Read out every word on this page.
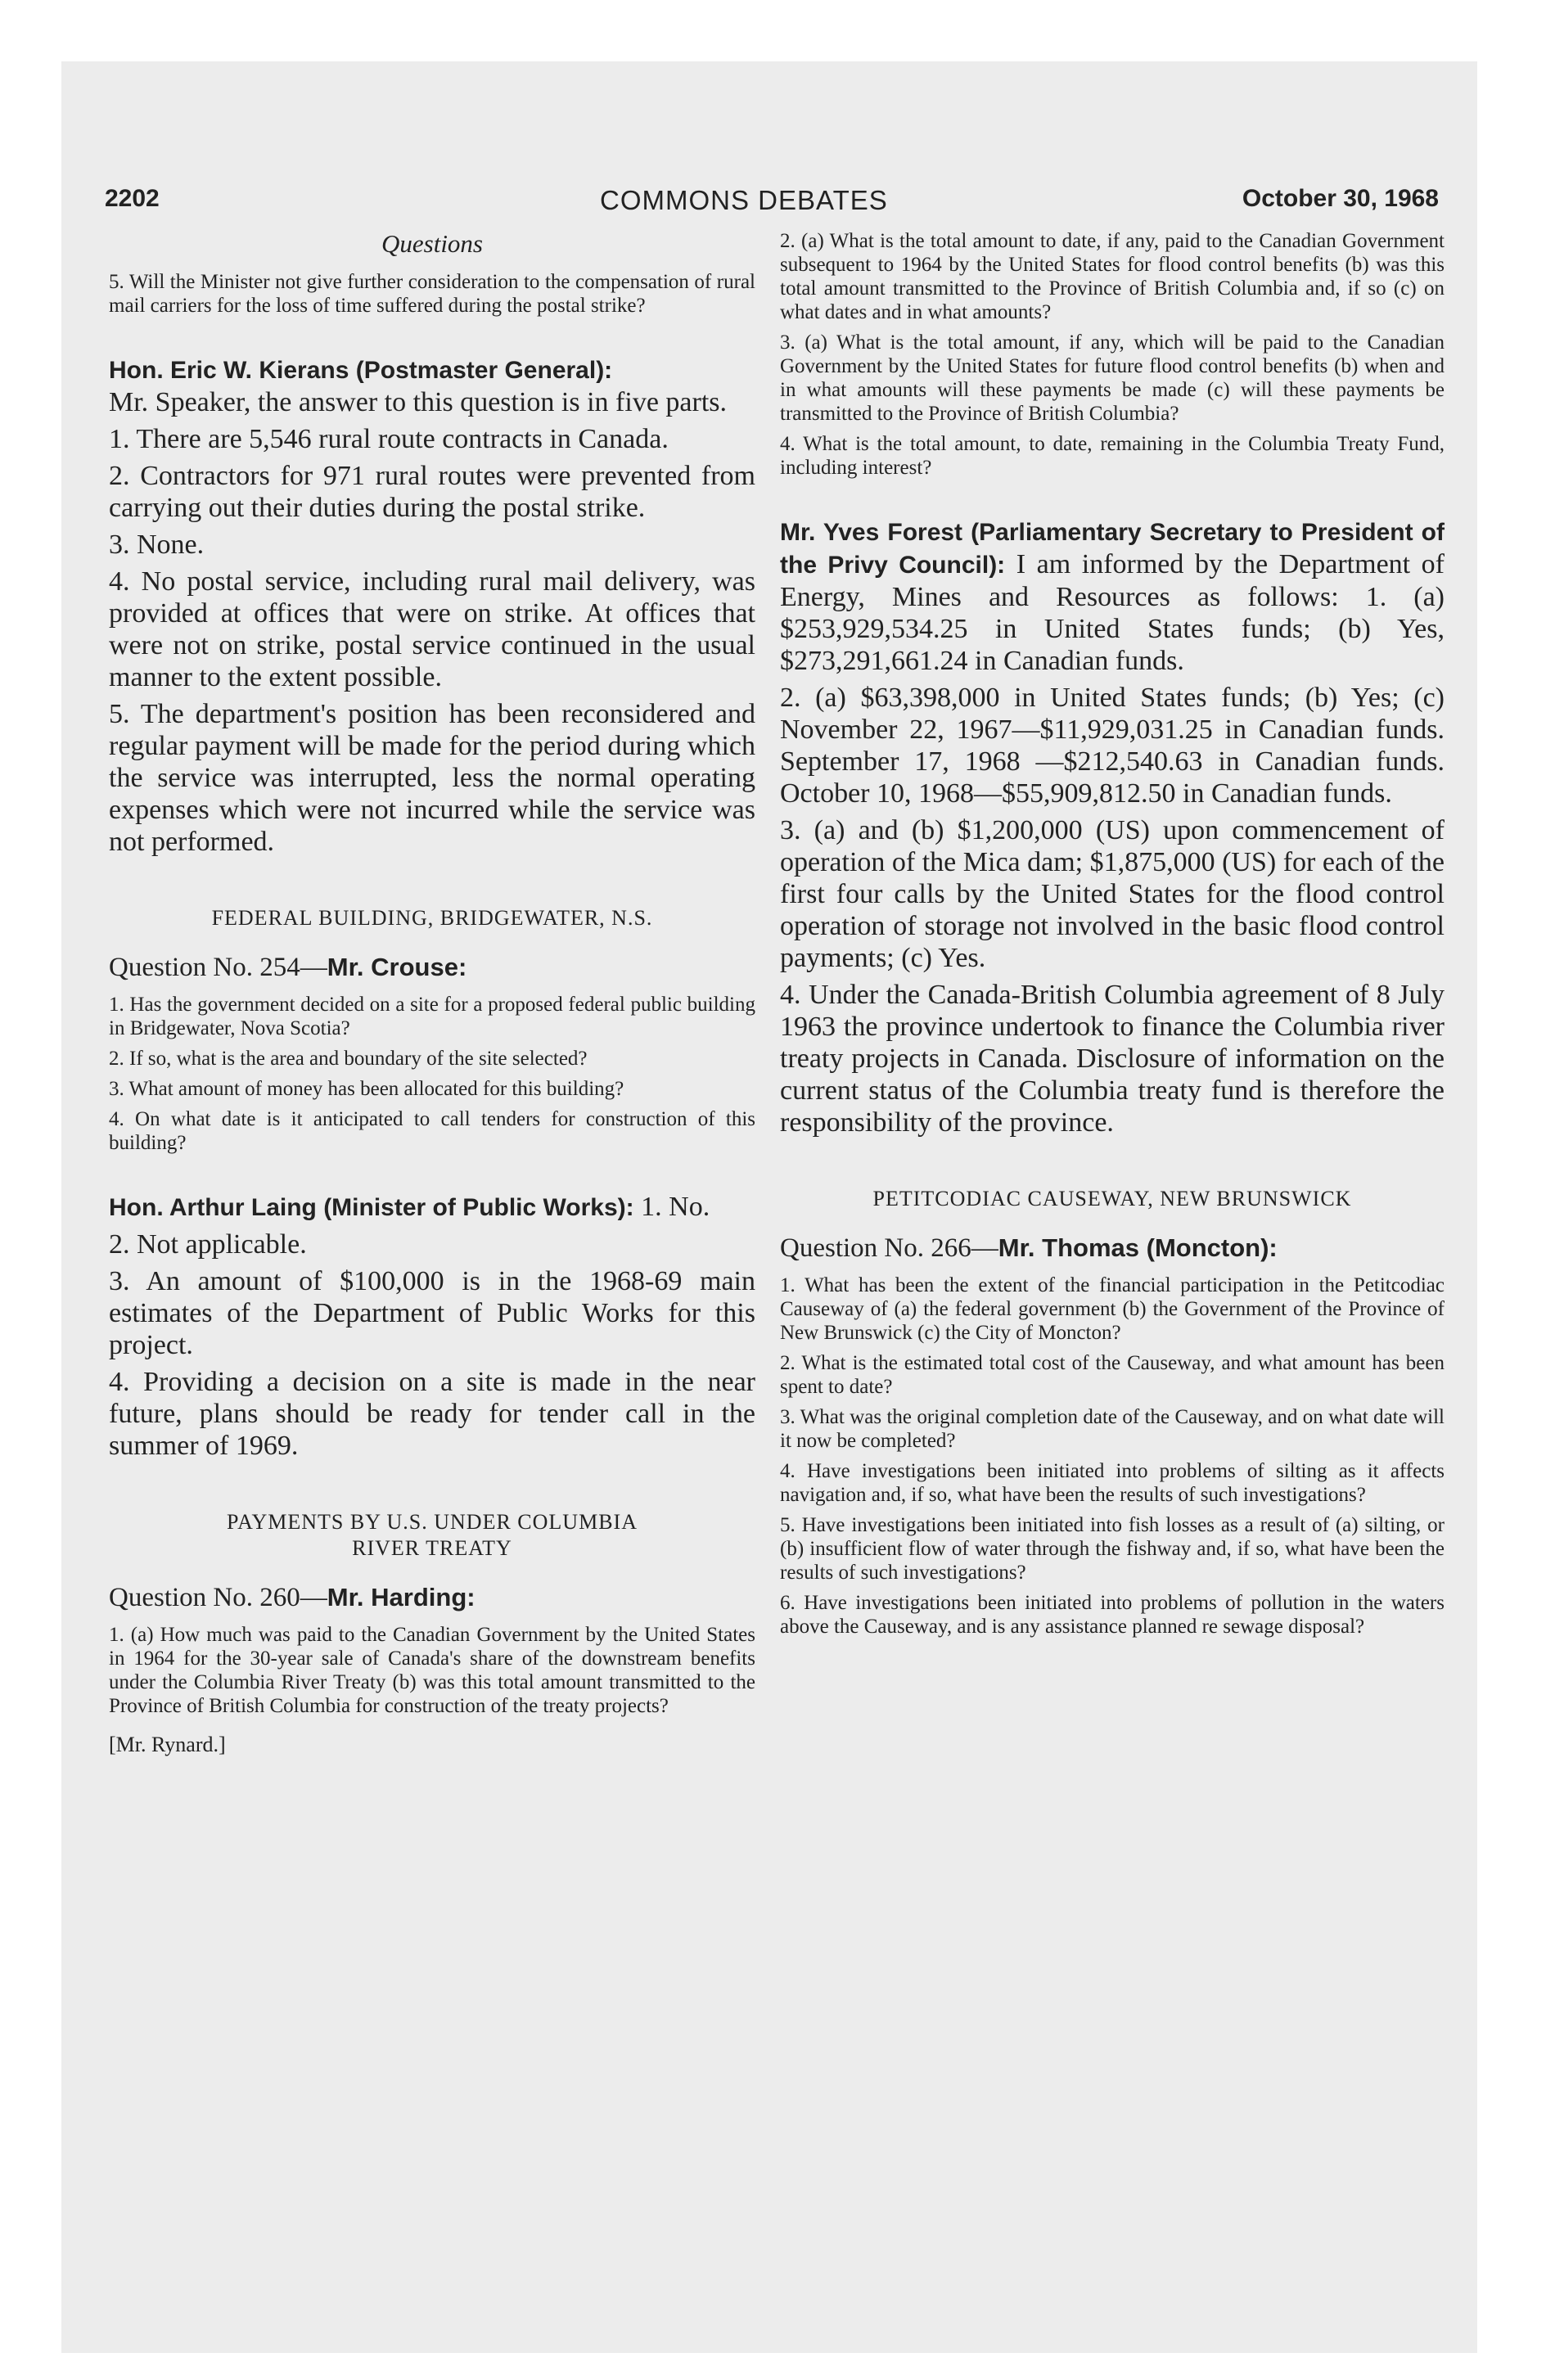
2202	COMMONS DEBATES	October 30, 1968
Questions

5. Will the Minister not give further consideration to the compensation of rural mail carriers for the loss of time suffered during the postal strike?

Hon. Eric W. Kierans (Postmaster General):
Mr. Speaker, the answer to this question is in five parts.

1. There are 5,546 rural route contracts in Canada.

2. Contractors for 971 rural routes were prevented from carrying out their duties during the postal strike.

3. None.

4. No postal service, including rural mail delivery, was provided at offices that were on strike. At offices that were not on strike, postal service continued in the usual manner to the extent possible.

5. The department's position has been reconsidered and regular payment will be made for the period during which the service was interrupted, less the normal operating expenses which were not incurred while the service was not performed.

FEDERAL BUILDING, BRIDGEWATER, N.S.
Question No. 254—Mr. Crouse:

1. Has the government decided on a site for a proposed federal public building in Bridgewater, Nova Scotia?

2. If so, what is the area and boundary of the site selected?

3. What amount of money has been allocated for this building?

4. On what date is it anticipated to call tenders for construction of this building?

Hon. Arthur Laing (Minister of Public Works): 1. No.

2. Not applicable.

3. An amount of $100,000 is in the 1968-69 main estimates of the Department of Public Works for this project.

4. Providing a decision on a site is made in the near future, plans should be ready for tender call in the summer of 1969.

PAYMENTS BY U.S. UNDER COLUMBIA
RIVER TREATY
Question No. 260—Mr. Harding:

1. (a) How much was paid to the Canadian Government by the United States in 1964 for the 30-year sale of Canada's share of the downstream benefits under the Columbia River Treaty (b) was this total amount transmitted to the Province of British Columbia for construction of the treaty projects?

[Mr. Rynard.]

2. (a) What is the total amount to date, if any, paid to the Canadian Government subsequent to 1964 by the United States for flood control benefits (b) was this total amount transmitted to the Province of British Columbia and, if so (c) on what dates and in what amounts?

3. (a) What is the total amount, if any, which will be paid to the Canadian Government by the United States for future flood control benefits (b) when and in what amounts will these payments be made (c) will these payments be transmitted to the Province of British Columbia?

4. What is the total amount, to date, remaining in the Columbia Treaty Fund, including interest?

Mr. Yves Forest (Parliamentary Secretary to President of the Privy Council): I am informed by the Department of Energy, Mines and Resources as follows: 1. (a) $253,929,534.25 in United States funds; (b) Yes, $273,291,661.24 in Canadian funds.

2. (a) $63,398,000 in United States funds; (b) Yes; (c) November 22, 1967—$11,929,031.25 in Canadian funds. September 17, 1968 —$212,540.63 in Canadian funds. October 10, 1968—$55,909,812.50 in Canadian funds.

3. (a) and (b) $1,200,000 (US) upon commencement of operation of the Mica dam; $1,875,000 (US) for each of the first four calls by the United States for the flood control operation of storage not involved in the basic flood control payments; (c) Yes.

4. Under the Canada-British Columbia agreement of 8 July 1963 the province undertook to finance the Columbia river treaty projects in Canada. Disclosure of information on the current status of the Columbia treaty fund is therefore the responsibility of the province.

PETITCODIAC CAUSEWAY, NEW BRUNSWICK
Question No. 266—Mr. Thomas (Moncton):

1. What has been the extent of the financial participation in the Petitcodiac Causeway of (a) the federal government (b) the Government of the Province of New Brunswick (c) the City of Moncton?

2. What is the estimated total cost of the Causeway, and what amount has been spent to date?

3. What was the original completion date of the Causeway, and on what date will it now be completed?

4. Have investigations been initiated into problems of silting as it affects navigation and, if so, what have been the results of such investigations?

5. Have investigations been initiated into fish losses as a result of (a) silting, or (b) insufficient flow of water through the fishway and, if so, what have been the results of such investigations?

6. Have investigations been initiated into problems of pollution in the waters above the Causeway, and is any assistance planned re sewage disposal?
